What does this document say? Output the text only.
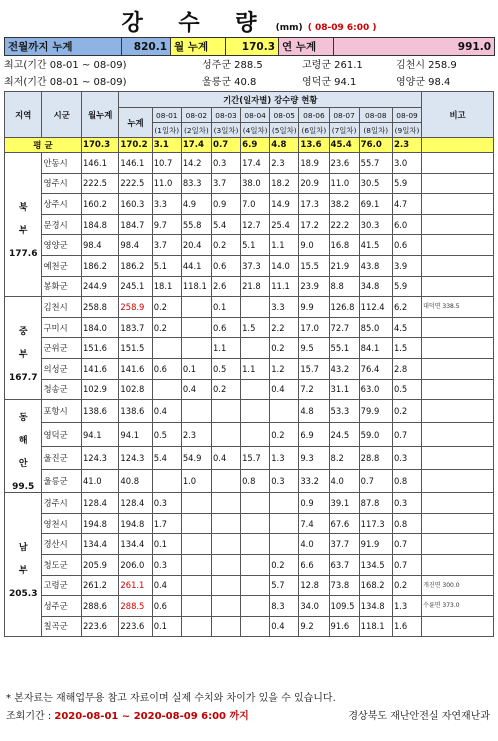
강 수 량 (mm) ( 08-09 6:00 )
전월까지 누계	820.1	월 누계	170.3	연 누계	991.0
최고(기간 08-01 ~ 08-09)	성주군 288.5	고령군 261.1	김천시 258.9
최저(기간 08-01 ~ 08-09)	울릉군 40.8	영덕군 94.1	영양군 98.4
지역	시군	월누계	기간(일자별) 강수량 현황										비고
			누계	08-01	08-02	08-03	08-04	08-05	08-06	08-07	08-08	08-09	
				(1일차)	(2일차)	(3일차)	(4일차)	(5일차)	(6일차)	(7일차)	(8일차)	(9일차)	
평 균		170.3	170.2	3.1	17.4	0.7	6.9	4.8	13.6	45.4	76.0	2.3	

북
부
177.6	안동시	146.1	146.1	10.7	14.2	0.3	17.4	2.3	18.9	23.6	55.7	3.0	
	영주시	222.5	222.5	11.0	83.3	3.7	38.0	18.2	20.9	11.0	30.5	5.9	
	상주시	160.2	160.3	3.3	4.9	0.9	7.0	14.9	17.3	38.2	69.1	4.7	
	문경시	184.8	184.7	9.7	55.8	5.4	12.7	25.4	17.2	22.2	30.3	6.0	
	영양군	98.4	98.4	3.7	20.4	0.2	5.1	1.1	9.0	16.8	41.5	0.6	
	예천군	186.2	186.2	5.1	44.1	0.6	37.3	14.0	15.5	21.9	43.8	3.9	
	봉화군	244.9	245.1	18.1	118.1	2.6	21.8	11.1	23.9	8.8	34.8	5.9	

중
부
167.7	김천시	258.8	258.9	0.2		0.1		3.3	9.9	126.8	112.4	6.2	대덕면 338.5
	구미시	184.0	183.7	0.2		0.6	1.5	2.2	17.0	72.7	85.0	4.5	
	군위군	151.6	151.5			1.1		0.2	9.5	55.1	84.1	1.5	
	의성군	141.6	141.6	0.6	0.1	0.5	1.1	1.2	15.7	43.2	76.4	2.8	
	청송군	102.9	102.8		0.4	0.2		0.4	7.2	31.1	63.0	0.5	

동
해
안
99.5	포항시	138.6	138.6	0.4					4.8	53.3	79.9	0.2	
	영덕군	94.1	94.1	0.5	2.3			0.2	6.9	24.5	59.0	0.7	
	울진군	124.3	124.3	5.4	54.9	0.4	15.7	1.3	9.3	8.2	28.8	0.3	
	울릉군	41.0	40.8		1.0		0.8	0.3	33.2	4.0	0.7	0.8	

남
부
205.3	경주시	128.4	128.4	0.3					0.9	39.1	87.8	0.3	
	영천시	194.8	194.8	1.7					7.4	67.6	117.3	0.8	
	경산시	134.4	134.4	0.1					4.0	37.7	91.9	0.7	
	청도군	205.9	206.0	0.3				0.2	6.6	63.7	134.5	0.7	
	고령군	261.2	261.1	0.4				5.7	12.8	73.8	168.2	0.2	개진면 300.0
	성주군	288.6	288.5	0.6				8.3	34.0	109.5	134.8	1.3	수륜면 373.0
	칠곡군	223.6	223.6	0.1				0.4	9.2	91.6	118.1	1.6	
* 본자료는 재해업무용 참고 자료이며 실제 수치와 차이가 있을 수 있습니다.
조회기간 : 2020-08-01 ~ 2020-08-09 6:00 까지	경상북도 재난안전실 자연재난과
